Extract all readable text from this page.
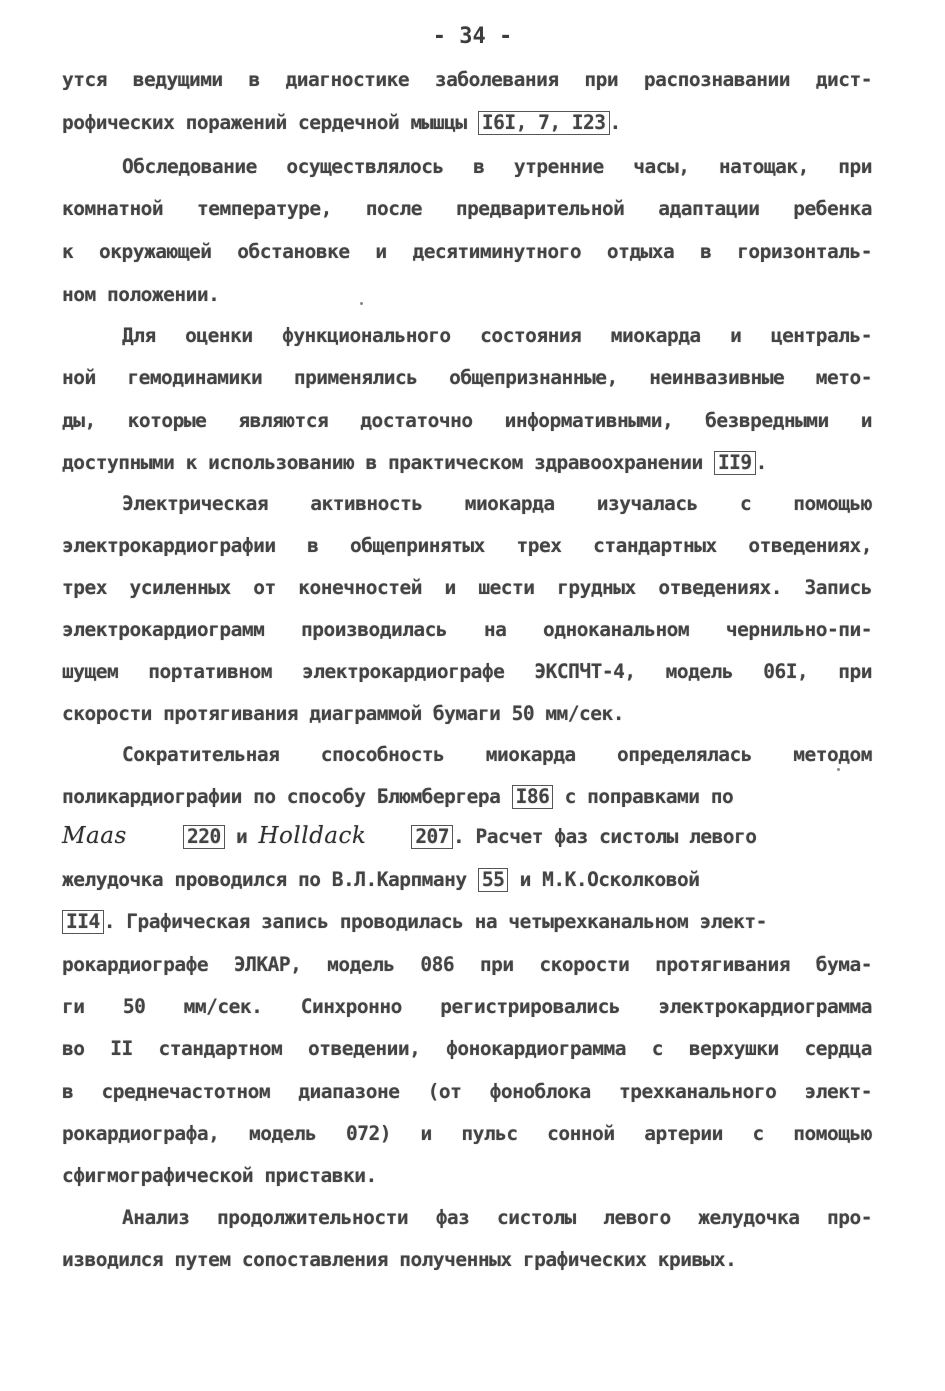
- 34 -
утся ведущими в диагностике заболевания при распознавании дист-
рофических поражений сердечной мышцы I6I, 7, I23 .
Обследование осуществлялось в утренние часы, натощак, при
комнатной температуре, после предварительной адаптации ребенка
к окружающей обстановке и десятиминутного отдыха в горизонталь-
ном положении.
Для оценки функционального состояния миокарда и централь-
ной гемодинамики применялись общепризнанные, неинвазивные мето-
ды, которые являются достаточно информативными, безвредными и
доступными к использованию в практическом здравоохранении II9 .
Электрическая активность миокарда изучалась с помощью
электрокардиографии в общепринятых трех стандартных отведениях,
трех усиленных от конечностей и шести грудных отведениях. Запись
электрокардиограмм производилась на одноканальном чернильно-пи-
шущем портативном электрокардиографе ЭКСПЧТ-4, модель 06I, при
скорости протягивания диаграммой бумаги 50 мм/сек.
Сократительная способность миокарда определялась методом
поликардиографии по способу Блюмбергера I86 с поправками по
Maas	220 и Holldack	207 . Расчет фаз систолы левого
желудочка проводился по В.Л.Карпману 55 и М.К.Осколковой
II4 . Графическая запись проводилась на четырехканальном элект-
рокардиографе ЭЛКАР, модель 086 при скорости протягивания бума-
ги 50 мм/сек. Синхронно регистрировались электрокардиограмма
во II стандартном отведении, фонокардиограмма с верхушки сердца
в среднечастотном диапазоне (от фоноблока трехканального элект-
рокардиографа, модель 072) и пульс сонной артерии с помощью
сфигмографической приставки.
Анализ продолжительности фаз систолы левого желудочка про-
изводился путем сопоставления полученных графических кривых.
